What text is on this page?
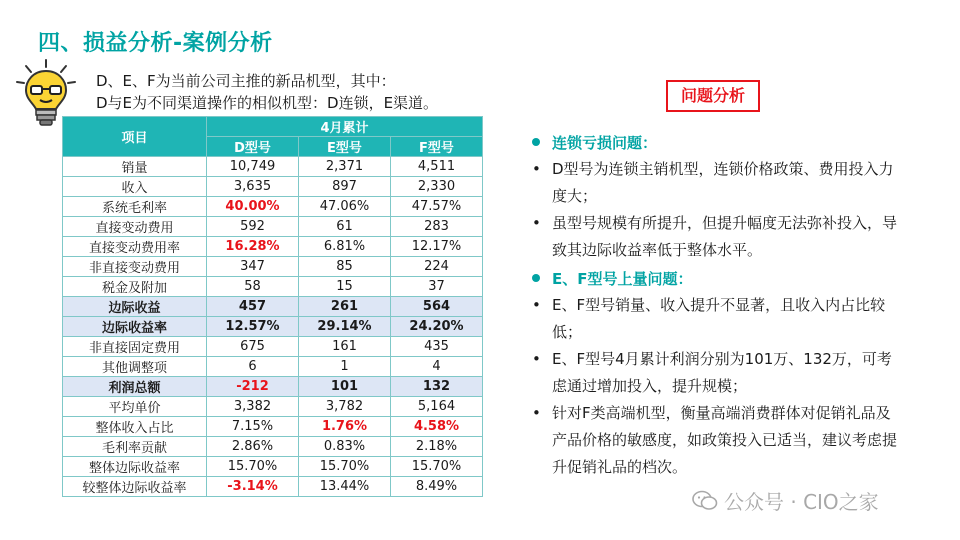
四、损益分析-案例分析
D、E、F为当前公司主推的新品机型，其中：
D与E为不同渠道操作的相似机型：D连锁，E渠道。
项目	4月累计		
	D型号	E型号	F型号
销量	10,749	2,371	4,511
收入	3,635	897	2,330
系统毛利率	40.00%	47.06%	47.57%
直接变动费用	592	61	283
直接变动费用率	16.28%	6.81%	12.17%
非直接变动费用	347	85	224
税金及附加	58	15	37
边际收益	457	261	564
边际收益率	12.57%	29.14%	24.20%
非直接固定费用	675	161	435
其他调整项	6	1	4
利润总额	-212	101	132
平均单价	3,382	3,782	5,164
整体收入占比	7.15%	1.76%	4.58%
毛利率贡献	2.86%	0.83%	2.18%
整体边际收益率	15.70%	15.70%	15.70%
较整体边际收益率	-3.14%	13.44%	8.49%
问题分析
连锁亏损问题：
• D型号为连锁主销机型，连锁价格政策、费用投入力度大；
• 虽型号规模有所提升，但提升幅度无法弥补投入，导致其边际收益率低于整体水平。
E、F型号上量问题：
• E、F型号销量、收入提升不显著，且收入内占比较低；
• E、F型号4月累计利润分别为101万、132万，可考虑通过增加投入，提升规模；
• 针对F类高端机型，衡量高端消费群体对促销礼品及产品价格的敏感度，如政策投入已适当，建议考虑提升促销礼品的档次。
公众号 · CIO之家
